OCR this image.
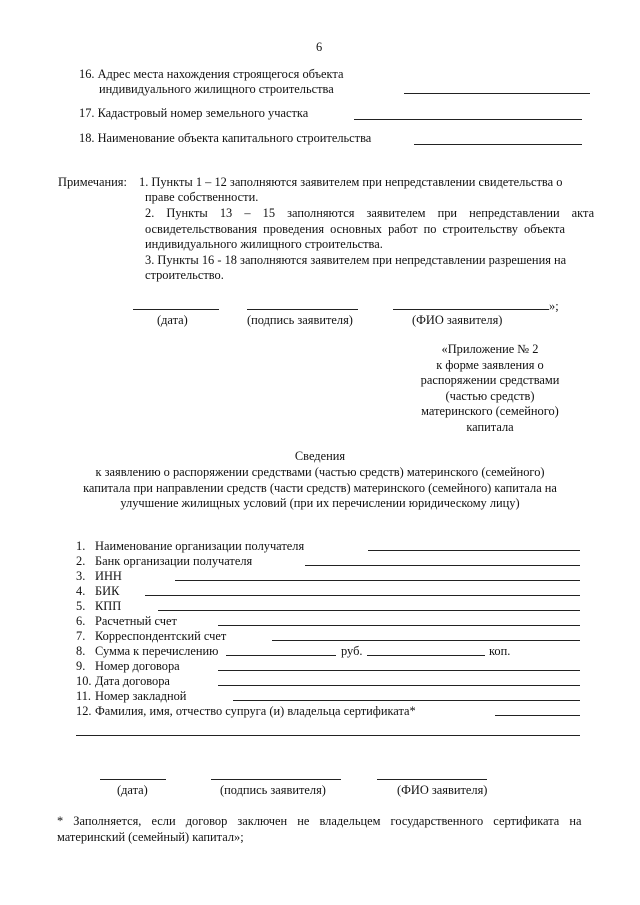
6
16. Адрес места нахождения строящегося объекта
индивидуального жилищного строительства
17. Кадастровый номер земельного участка
18. Наименование объекта капитального строительства
Примечания: 1. Пункты 1 – 12 заполняются заявителем при непредставлении свидетельства о
праве собственности.
2. Пункты 13 – 15 заполняются заявителем при непредставлении акта
освидетельствования проведения основных работ по строительству объекта
индивидуального жилищного строительства.
3. Пункты 16 - 18 заполняются заявителем при непредставлении разрешения на
строительство.
»;
(дата)	(подпись заявителя)	(ФИО заявителя)
«Приложение № 2
к форме заявления о
распоряжении средствами
(частью средств)
материнского (семейного)
капитала
Сведения
к заявлению о распоряжении средствами (частью средств) материнского (семейного)
капитала при направлении средств (части средств) материнского (семейного) капитала на
улучшение жилищных условий (при их перечислении юридическому лицу)
1. Наименование организации получателя
2. Банк организации получателя
3. ИНН
4. БИК
5. КПП
6. Расчетный счет
7. Корреспондентский счет
8. Сумма к перечислению	руб.	коп.
9. Номер договора
10. Дата договора
11. Номер закладной
12. Фамилия, имя, отчество супруга (и) владельца сертификата*
(дата)	(подпись заявителя)	(ФИО заявителя)
* Заполняется, если договор заключен не владельцем государственного сертификата на
материнский (семейный) капитал»;
